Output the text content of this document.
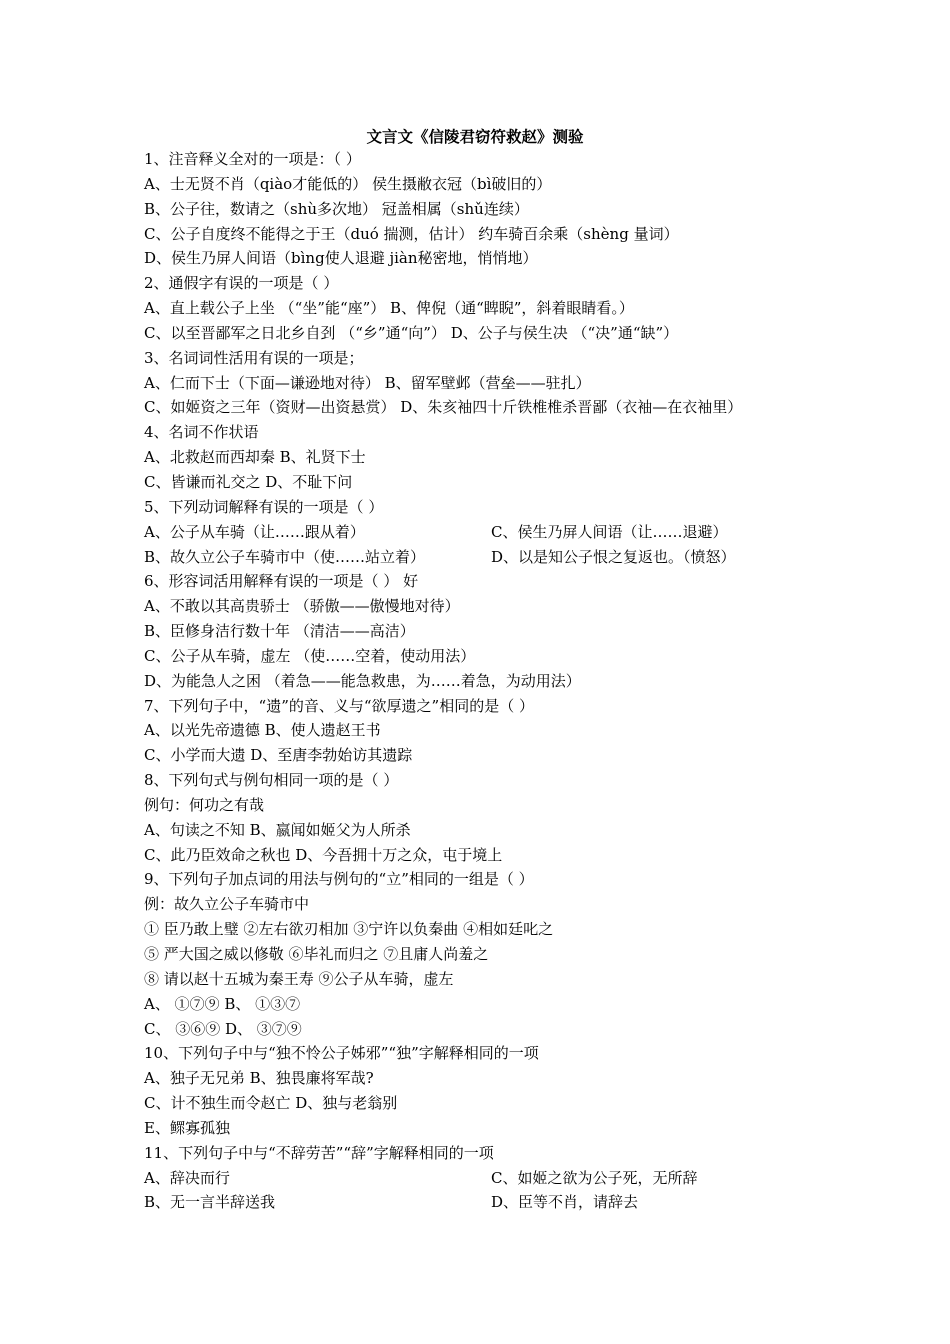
文言文《信陵君窃符救赵》测验
1、注音释义全对的一项是：（ ）
A、士无贤不肖（qiào才能低的） 侯生摄敝衣冠（bì破旧的）
B、公子往，数请之（shù多次地） 冠盖相属（shǔ连续）
C、公子自度终不能得之于王（duó 揣测，估计） 约车骑百余乘（shèng 量词）
D、侯生乃屏人间语（bìng使人退避 jiàn秘密地，悄悄地）
2、通假字有误的一项是（ ）
A、直上载公子上坐 （“坐”能“座”） B、俾倪（通“睥睨”，斜着眼睛看。）
C、以至晋鄙军之日北乡自刭 （“乡”通“向”） D、公子与侯生决 （“决”通“缺”）
3、名词词性活用有误的一项是；
A、仁而下士（下面—谦逊地对待） B、留军壁邺（营垒——驻扎）
C、如姬资之三年（资财—出资悬赏） D、朱亥袖四十斤铁椎椎杀晋鄙（衣袖—在衣袖里）
4、名词不作状语
A、北救赵而西却秦 B、礼贤下士
C、皆谦而礼交之 D、不耻下问
5、下列动词解释有误的一项是（ ）
A、公子从车骑（让……跟从着）	C、侯生乃屏人间语（让……退避）
B、故久立公子车骑市中（使……站立着）	D、以是知公子恨之复返也。（愤怒）
6、形容词活用解释有误的一项是（ ） 好
A、不敢以其高贵骄士 （骄傲——傲慢地对待）
B、臣修身洁行数十年 （清洁——高洁）
C、公子从车骑，虚左 （使……空着，使动用法）
D、为能急人之困 （着急——能急救患，为……着急，为动用法）
7、下列句子中，“遗”的音、义与“欲厚遗之”相同的是（ ）
A、以光先帝遗德 B、使人遗赵王书
C、小学而大遗 D、至唐李勃始访其遗踪
8、下列句式与例句相同一项的是（ ）
例句：何功之有哉
A、句读之不知 B、嬴闻如姬父为人所杀
C、此乃臣效命之秋也 D、今吾拥十万之众，屯于境上
9、下列句子加点词的用法与例句的“立”相同的一组是（ ）
例：故久立公子车骑市中
① 臣乃敢上璧 ②左右欲刃相加 ③宁许以负秦曲 ④相如廷叱之
⑤ 严大国之威以修敬 ⑥毕礼而归之 ⑦且庸人尚羞之
⑧ 请以赵十五城为秦王寿 ⑨公子从车骑，虚左
A、 ①⑦⑨ B、 ①③⑦
C、 ③⑥⑨ D、 ③⑦⑨
10、下列句子中与“独不怜公子姊邪”“独”字解释相同的一项
A、独子无兄弟 B、独畏廉将军哉?
C、计不独生而令赵亡 D、独与老翁别
E、鳏寡孤独
11、下列句子中与“不辞劳苦”“辞”字解释相同的一项
A、辞决而行	C、如姬之欲为公子死，无所辞
B、无一言半辞送我	D、臣等不肖，请辞去
